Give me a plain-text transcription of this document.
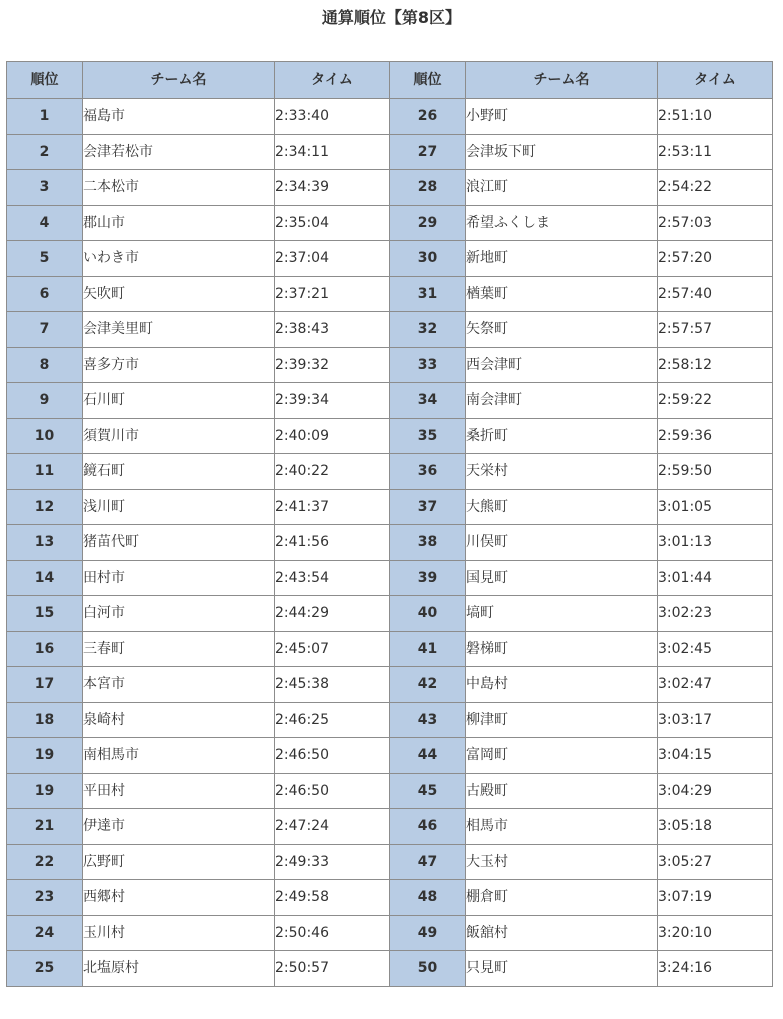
通算順位【第8区】
順位	チーム名	タイム	順位	チーム名	タイム
1	福島市	2:33:40	26	小野町	2:51:10
2	会津若松市	2:34:11	27	会津坂下町	2:53:11
3	二本松市	2:34:39	28	浪江町	2:54:22
4	郡山市	2:35:04	29	希望ふくしま	2:57:03
5	いわき市	2:37:04	30	新地町	2:57:20
6	矢吹町	2:37:21	31	楢葉町	2:57:40
7	会津美里町	2:38:43	32	矢祭町	2:57:57
8	喜多方市	2:39:32	33	西会津町	2:58:12
9	石川町	2:39:34	34	南会津町	2:59:22
10	須賀川市	2:40:09	35	桑折町	2:59:36
11	鏡石町	2:40:22	36	天栄村	2:59:50
12	浅川町	2:41:37	37	大熊町	3:01:05
13	猪苗代町	2:41:56	38	川俣町	3:01:13
14	田村市	2:43:54	39	国見町	3:01:44
15	白河市	2:44:29	40	塙町	3:02:23
16	三春町	2:45:07	41	磐梯町	3:02:45
17	本宮市	2:45:38	42	中島村	3:02:47
18	泉崎村	2:46:25	43	柳津町	3:03:17
19	南相馬市	2:46:50	44	富岡町	3:04:15
19	平田村	2:46:50	45	古殿町	3:04:29
21	伊達市	2:47:24	46	相馬市	3:05:18
22	広野町	2:49:33	47	大玉村	3:05:27
23	西郷村	2:49:58	48	棚倉町	3:07:19
24	玉川村	2:50:46	49	飯舘村	3:20:10
25	北塩原村	2:50:57	50	只見町	3:24:16
